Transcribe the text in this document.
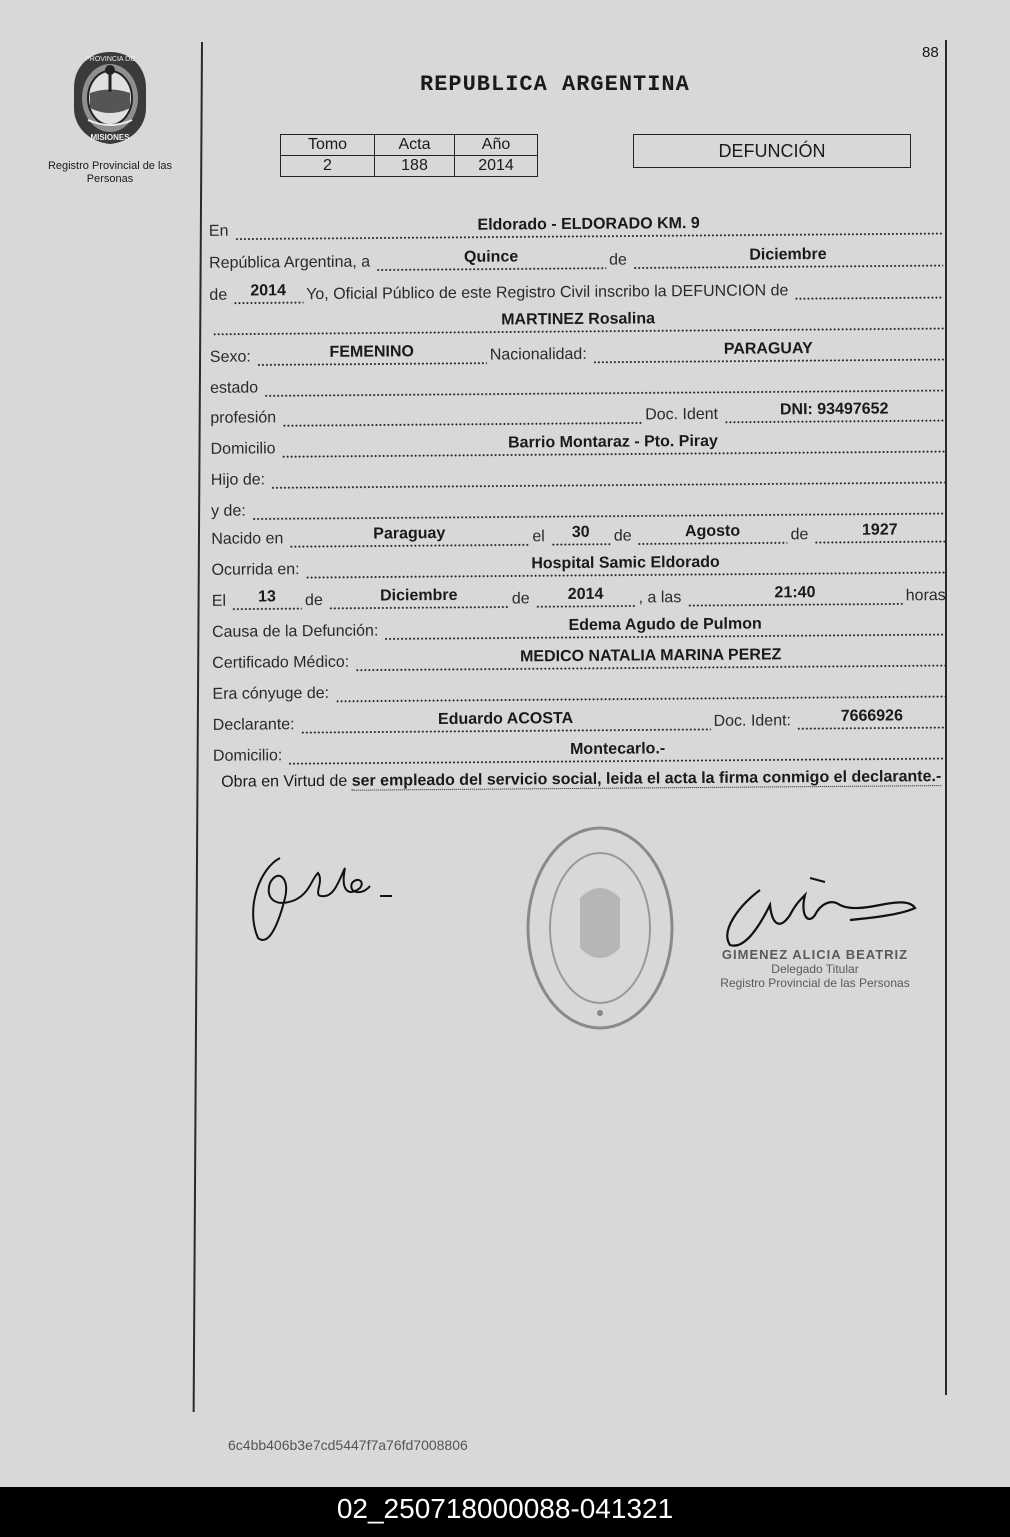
88
PROVINCIA DE
MISIONES
Registro Provincial de las Personas
REPUBLICA ARGENTINA
Tomo	Acta	Año
2	188	2014
DEFUNCIÓN
En	Eldorado - ELDORADO KM. 9
República Argentina, a	Quince	de	Diciembre
de	2014	Yo, Oficial Público de este Registro Civil inscribo la DEFUNCION de
MARTINEZ Rosalina
Sexo:	FEMENINO	Nacionalidad:	PARAGUAY
estado
profesión	Doc. Ident	DNI: 93497652
Domicilio	Barrio Montaraz - Pto. Piray
Hijo de:
y de:
Nacido en	Paraguay	el	30	de	Agosto	de	1927
Ocurrida en:	Hospital Samic Eldorado
El	13	de	Diciembre	de	2014	, a las	21:40	horas
Causa de la Defunción:	Edema Agudo de Pulmon
Certificado Médico:	MEDICO NATALIA MARINA PEREZ
Era cónyuge de:
Declarante:	Eduardo ACOSTA	Doc. Ident:	7666926
Domicilio:	Montecarlo.-
Obra en Virtud de ser empleado del servicio social, leida el acta la firma conmigo el declarante.-
GIMENEZ ALICIA BEATRIZ
Delegado Titular
Registro Provincial de las Personas
6c4bb406b3e7cd5447f7a76fd7008806
02_250718000088-041321
